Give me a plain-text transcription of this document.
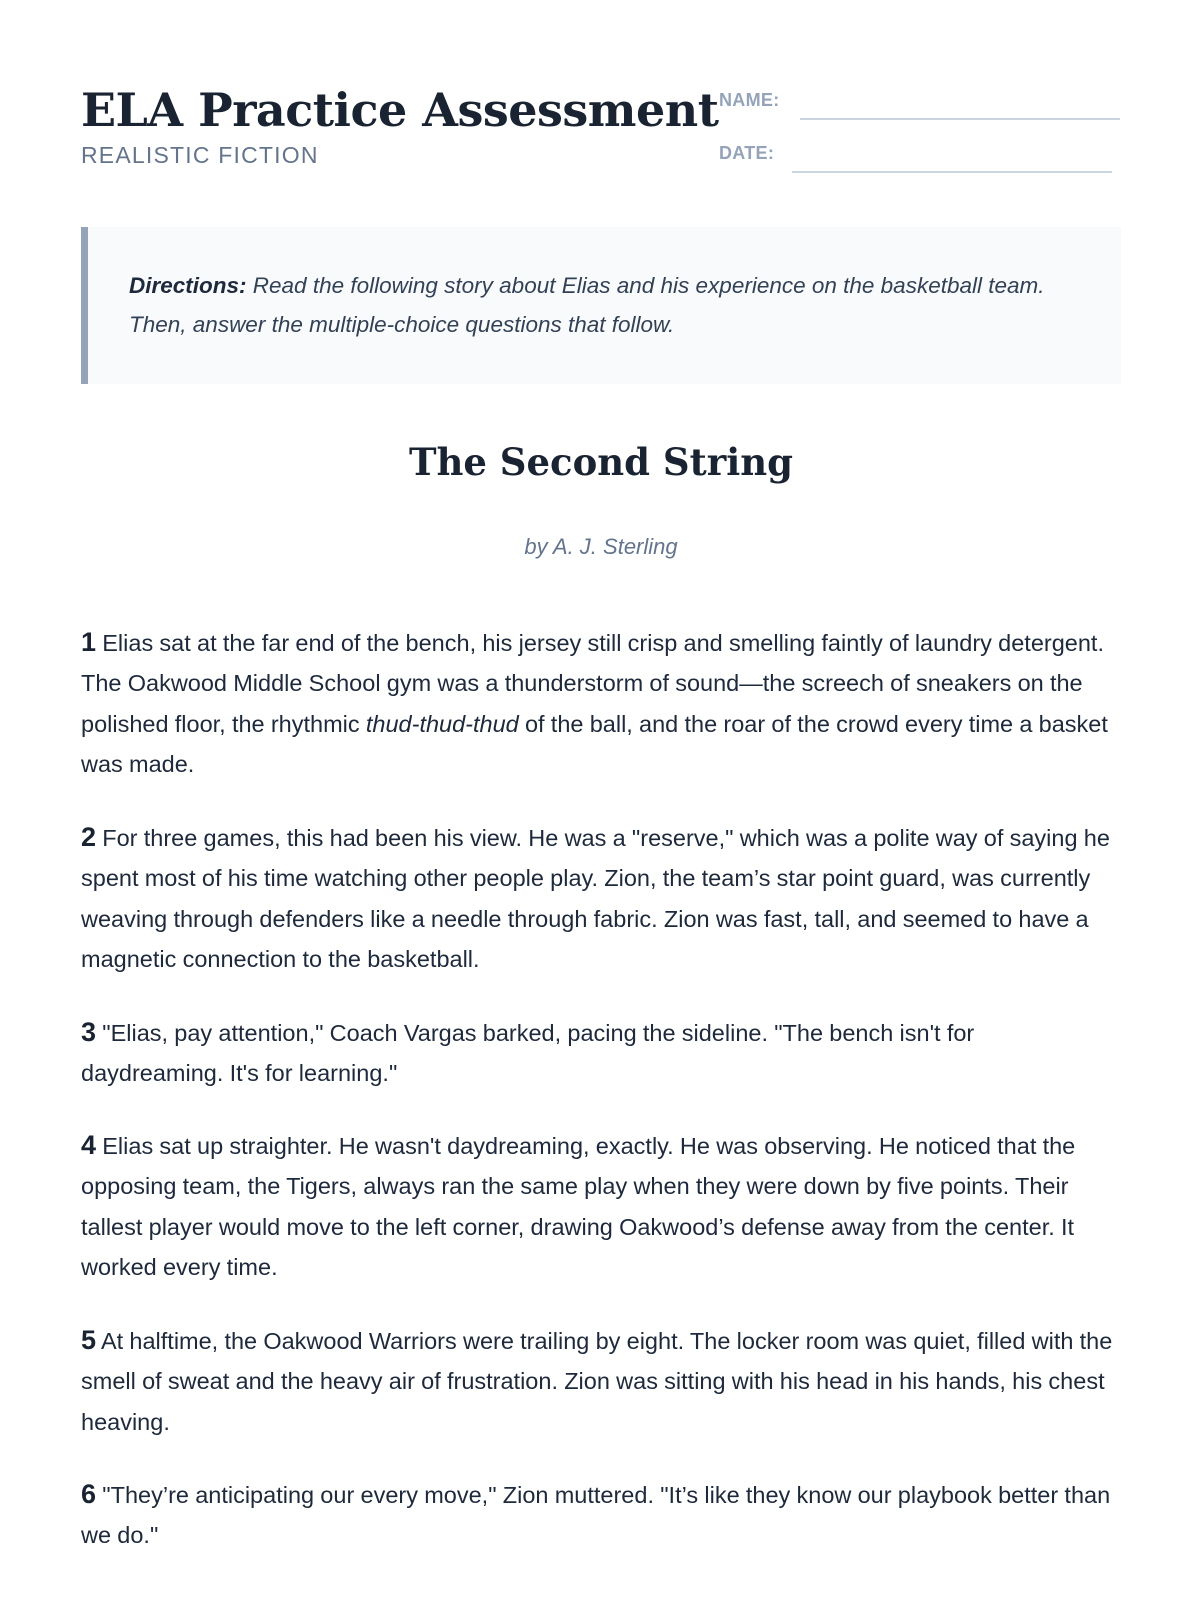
ELA Practice Assessment
REALISTIC FICTION
NAME:
DATE:
Directions: Read the following story about Elias and his experience on the basketball team. Then, answer the multiple-choice questions that follow.
The Second String
by A. J. Sterling

1 Elias sat at the far end of the bench, his jersey still crisp and smelling faintly of laundry detergent. The Oakwood Middle School gym was a thunderstorm of sound—the screech of sneakers on the polished floor, the rhythmic thud-thud-thud of the ball, and the roar of the crowd every time a basket was made.

2 For three games, this had been his view. He was a "reserve," which was a polite way of saying he spent most of his time watching other people play. Zion, the team’s star point guard, was currently weaving through defenders like a needle through fabric. Zion was fast, tall, and seemed to have a magnetic connection to the basketball.

3 "Elias, pay attention," Coach Vargas barked, pacing the sideline. "The bench isn't for daydreaming. It's for learning."

4 Elias sat up straighter. He wasn't daydreaming, exactly. He was observing. He noticed that the opposing team, the Tigers, always ran the same play when they were down by five points. Their tallest player would move to the left corner, drawing Oakwood’s defense away from the center. It worked every time.

5 At halftime, the Oakwood Warriors were trailing by eight. The locker room was quiet, filled with the smell of sweat and the heavy air of frustration. Zion was sitting with his head in his hands, his chest heaving.

6 "They’re anticipating our every move," Zion muttered. "It’s like they know our playbook better than we do."
